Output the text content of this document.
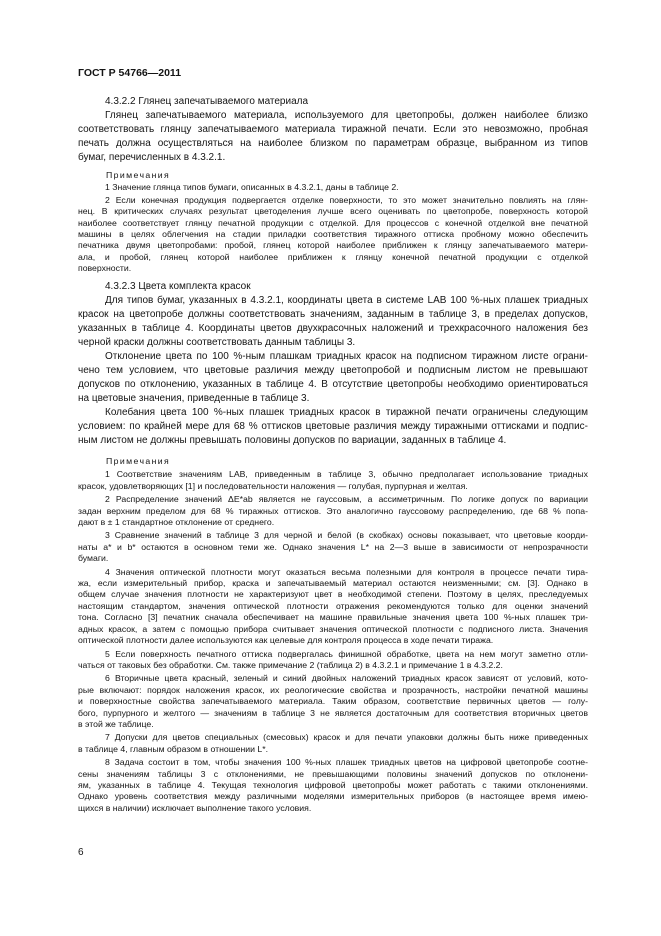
ГОСТ Р 54766—2011
4.3.2.2 Глянец запечатываемого материала
Глянец запечатываемого материала, используемого для цветопробы, должен наиболее близко
соответствовать глянцу запечатываемого материала тиражной печати. Если это невозможно, пробная
печать должна осуществляться на наиболее близком по параметрам образце, выбранном из типов
бумаг, перечисленных в 4.3.2.1.
Примечания
1 Значение глянца типов бумаги, описанных в 4.3.2.1, даны в таблице 2.
2 Если конечная продукция подвергается отделке поверхности, то это может значительно повлиять на глян-
нец. В критических случаях результат цветоделения лучше всего оценивать по цветопробе, поверхность которой
наиболее соответствует глянцу печатной продукции с отделкой. Для процессов с конечной отделкой вне печатной
машины в целях облегчения на стадии приладки соответствия тиражного оттиска пробному можно обеспечить
печатника двумя цветопробами: пробой, глянец которой наиболее приближен к глянцу запечатываемого матери-
ала, и пробой, глянец которой наиболее приближен к глянцу конечной печатной продукции с отделкой
поверхности.
4.3.2.3 Цвета комплекта красок
Для типов бумаг, указанных в 4.3.2.1, координаты цвета в системе LAB 100 %-ных плашек триадных
красок на цветопробе должны соответствовать значениям, заданным в таблице 3, в пределах допусков,
указанных в таблице 4. Координаты цветов двухкрасочных наложений и трехкрасочного наложения без
черной краски должны соответствовать данным таблицы 3.
Отклонение цвета по 100 %-ным плашкам триадных красок на подписном тиражном листе ограни-
чено тем условием, что цветовые различия между цветопробой и подписным листом не превышают
допусков по отклонению, указанных в таблице 4. В отсутствие цветопробы необходимо ориентироваться
на цветовые значения, приведенные в таблице 3.
Колебания цвета 100 %-ных плашек триадных красок в тиражной печати ограничены следующим
условием: по крайней мере для 68 % оттисков цветовые различия между тиражными оттисками и подпис-
ным листом не должны превышать половины допусков по вариации, заданных в таблице 4.
Примечания
1 Соответствие значениям LAB, приведенным в таблице 3, обычно предполагает использование триадных
красок, удовлетворяющих [1] и последовательности наложения — голубая, пурпурная и желтая.
2 Распределение значений ΔE*ab является не гауссовым, а ассиметричным. По логике допуск по вариации
задан верхним пределом для 68 % тиражных оттисков. Это аналогично гауссовому распределению, где 68 % попа-
дают в ± 1 стандартное отклонение от среднего.
3 Сравнение значений в таблице 3 для черной и белой (в скобках) основы показывает, что цветовые коорди-
наты a* и b* остаются в основном теми же. Однако значения L* на 2—3 выше в зависимости от непрозрачности
бумаги.
4 Значения оптической плотности могут оказаться весьма полезными для контроля в процессе печати тира-
жа, если измерительный прибор, краска и запечатываемый материал остаются неизменными; см. [3]. Однако в
общем случае значения плотности не характеризуют цвет в необходимой степени. Поэтому в целях, преследуемых
настоящим стандартом, значения оптической плотности отражения рекомендуются только для оценки значений
тона. Согласно [3] печатник сначала обеспечивает на машине правильные значения цвета 100 %-ных плашек три-
адных красок, а затем с помощью прибора считывает значения оптической плотности с подписного листа. Значения
оптической плотности далее используются как целевые для контроля процесса в ходе печати тиража.
5 Если поверхность печатного оттиска подвергалась финишной обработке, цвета на нем могут заметно отли-
чаться от таковых без обработки. См. также примечание 2 (таблица 2) в 4.3.2.1 и примечание 1 в 4.3.2.2.
6 Вторичные цвета красный, зеленый и синий двойных наложений триадных красок зависят от условий, кото-
рые включают: порядок наложения красок, их реологические свойства и прозрачность, настройки печатной машины
и поверхностные свойства запечатываемого материала. Таким образом, соответствие первичных цветов — голу-
бого, пурпурного и желтого — значениям в таблице 3 не является достаточным для соответствия вторичных цветов
в этой же таблице.
7 Допуски для цветов специальных (смесовых) красок и для печати упаковки должны быть ниже приведенных
в таблице 4, главным образом в отношении L*.
8 Задача состоит в том, чтобы значения 100 %-ных плашек триадных цветов на цифровой цветопробе соотне-
сены значениям таблицы 3 с отклонениями, не превышающими половины значений допусков по отклонени-
ям, указанных в таблице 4. Текущая технология цифровой цветопробы может работать с такими отклонениями.
Однако уровень соответствия между различными моделями измерительных приборов (в настоящее время имею-
щихся в наличии) исключает выполнение такого условия.
6
